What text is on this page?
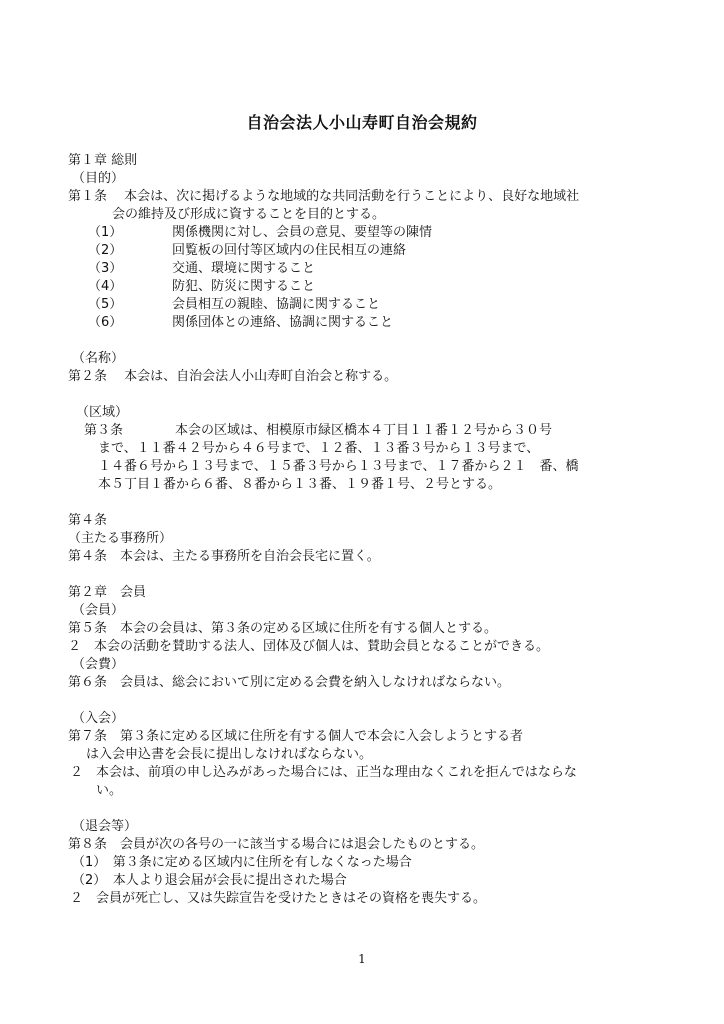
自治会法人小山寿町自治会規約
第１章 総則
（目的）
第１条　 本会は、次に掲げるような地域的な共同活動を行うことにより、良好な地域社
会の維持及び形成に資することを目的とする。
（1）	関係機関に対し、会員の意見、要望等の陳情
（2）	回覧板の回付等区域内の住民相互の連絡
（3）	交通、環境に関すること
（4）	防犯、防災に関すること
（5）	会員相互の親睦、協調に関すること
（6）	関係団体との連絡、協調に関すること
（名称）
第２条　 本会は、自治会法人小山寿町自治会と称する。
（区域）
第３条　　　　本会の区域は、相模原市緑区橋本４丁目１１番１２号から３０号
まで、１１番４２号から４６号まで、１２番、１３番３号から１３号まで、
１４番６号から１３号まで、１５番３号から１３号まで、１７番から２１　番、橋
本５丁目１番から６番、８番から１３番、１９番１号、２号とする。
第４条
（主たる事務所）
第４条　本会は、主たる事務所を自治会長宅に置く。
第２章　会員
（会員）
第５条　本会の会員は、第３条の定める区域に住所を有する個人とする。
２　本会の活動を賛助する法人、団体及び個人は、賛助会員となることができる。
（会費）
第６条　会員は、総会において別に定める会費を納入しなければならない。
（入会）
第７条　第３条に定める区域に住所を有する個人で本会に入会しようとする者
は入会申込書を会長に提出しなければならない。
２　本会は、前項の申し込みがあった場合には、正当な理由なくこれを拒んではならな
い。
（退会等）
第８条　会員が次の各号の一に該当する場合には退会したものとする。
（1）　第３条に定める区域内に住所を有しなくなった場合
（2）　本人より退会届が会長に提出された場合
２　会員が死亡し、又は失踪宣告を受けたときはその資格を喪失する。
1
